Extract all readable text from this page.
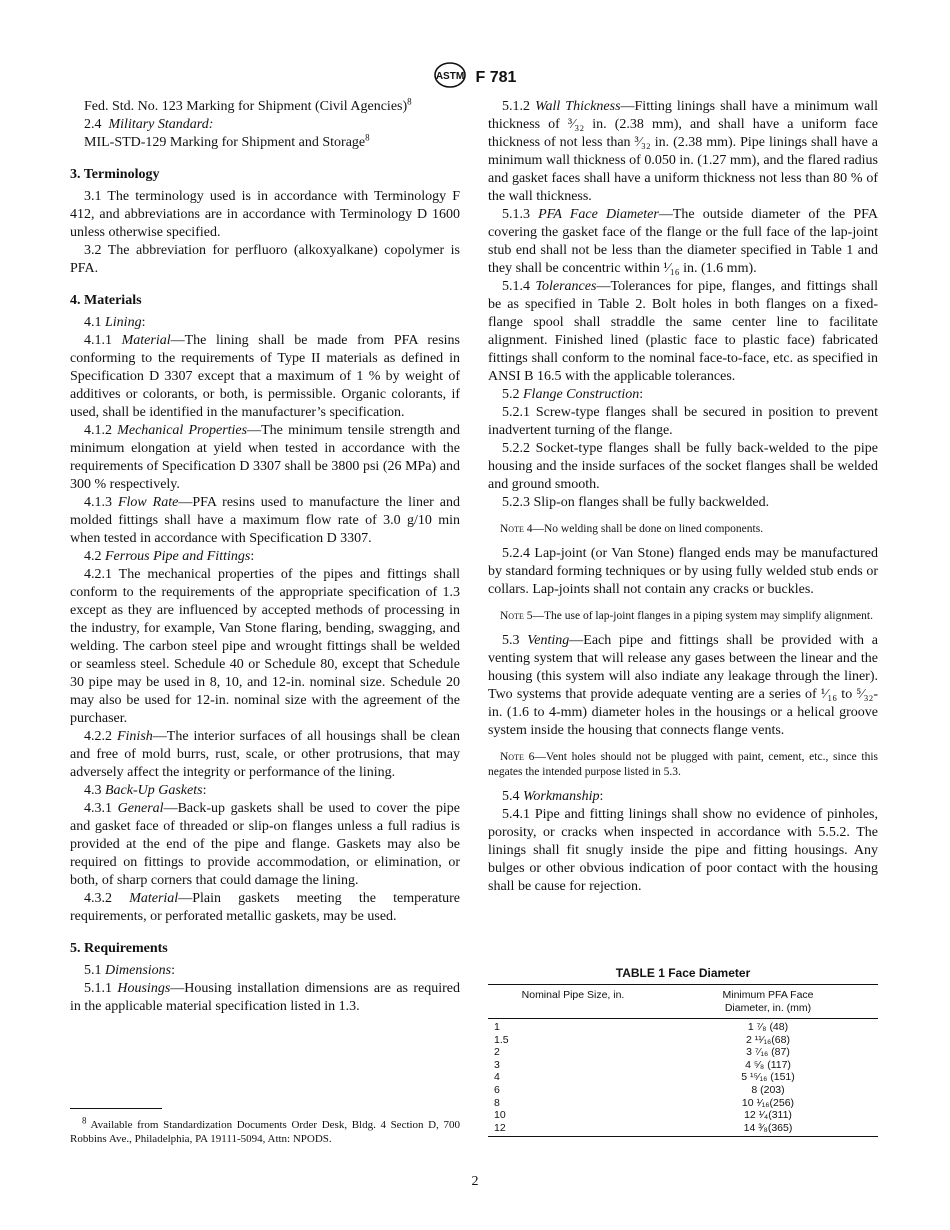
ASTM F 781

Fed. Std. No. 123 Marking for Shipment (Civil Agencies)$^8$

2.4 Military Standard:

MIL-STD-129 Marking for Shipment and Storage$^8$

3. Terminology

3.1 The terminology used is in accordance with Terminology F 412, and abbreviations are in accordance with Terminology D 1600 unless otherwise specified.

3.2 The abbreviation for perfluoro (alkoxyalkane) copolymer is PFA.

4. Materials

4.1 Lining:

4.1.1 Material—The lining shall be made from PFA resins conforming to the requirements of Type II materials as defined in Specification D 3307 except that a maximum of 1 % by weight of additives or colorants, or both, is permissible. Organic colorants, if used, shall be identified in the manufacturer’s specification.

4.1.2 Mechanical Properties—The minimum tensile strength and minimum elongation at yield when tested in accordance with the requirements of Specification D 3307 shall be 3800 psi (26 MPa) and 300 % respectively.

4.1.3 Flow Rate—PFA resins used to manufacture the liner and molded fittings shall have a maximum flow rate of 3.0 g/10 min when tested in accordance with Specification D 3307.

4.2 Ferrous Pipe and Fittings:

4.2.1 The mechanical properties of the pipes and fittings shall conform to the requirements of the appropriate specification of 1.3 except as they are influenced by accepted methods of processing in the industry, for example, Van Stone flaring, bending, swagging, and welding. The carbon steel pipe and wrought fittings shall be welded or seamless steel. Schedule 40 or Schedule 80, except that Schedule 30 pipe may be used in 8, 10, and 12-in. nominal size. Schedule 20 may also be used for 12-in. nominal size with the agreement of the purchaser.

4.2.2 Finish—The interior surfaces of all housings shall be clean and free of mold burrs, rust, scale, or other protrusions, that may adversely affect the integrity or performance of the lining.

4.3 Back-Up Gaskets:

4.3.1 General—Back-up gaskets shall be used to cover the pipe and gasket face of threaded or slip-on flanges unless a full radius is provided at the end of the pipe and flange. Gaskets may also be required on fittings to provide accommodation, or elimination, or both, of sharp corners that could damage the lining.

4.3.2 Material—Plain gaskets meeting the temperature requirements, or perforated metallic gaskets, may be used.

5. Requirements

5.1 Dimensions:

5.1.1 Housings—Housing installation dimensions are as required in the applicable material specification listed in 1.3.

5.1.2 Wall Thickness—Fitting linings shall have a minimum wall thickness of ³⁄₃₂ in. (2.38 mm), and shall have a uniform face thickness of not less than ³⁄₃₂ in. (2.38 mm). Pipe linings shall have a minimum wall thickness of 0.050 in. (1.27 mm), and the flared radius and gasket faces shall have a uniform thickness not less than 80 % of the wall thickness.

5.1.3 PFA Face Diameter—The outside diameter of the PFA covering the gasket face of the flange or the full face of the lap-joint stub end shall not be less than the diameter specified in Table 1 and they shall be concentric within ¹⁄₁₆ in. (1.6 mm).

5.1.4 Tolerances—Tolerances for pipe, flanges, and fittings shall be as specified in Table 2. Bolt holes in both flanges on a fixed-flange spool shall straddle the same center line to facilitate alignment. Finished lined (plastic face to plastic face) fabricated fittings shall conform to the nominal face-to-face, etc. as specified in ANSI B 16.5 with the applicable tolerances.

5.2 Flange Construction:

5.2.1 Screw-type flanges shall be secured in position to prevent inadvertent turning of the flange.

5.2.2 Socket-type flanges shall be fully back-welded to the pipe housing and the inside surfaces of the socket flanges shall be welded and ground smooth.

5.2.3 Slip-on flanges shall be fully backwelded.

Note 4—No welding shall be done on lined components.

5.2.4 Lap-joint (or Van Stone) flanged ends may be manufactured by standard forming techniques or by using fully welded stub ends or collars. Lap-joints shall not contain any cracks or buckles.

Note 5—The use of lap-joint flanges in a piping system may simplify alignment.

5.3 Venting—Each pipe and fittings shall be provided with a venting system that will release any gases between the linear and the housing (this system will also indiate any leakage through the liner). Two systems that provide adequate venting are a series of ¹⁄₁₆ to ⁵⁄₃₂-in. (1.6 to 4-mm) diameter holes in the housings or a helical groove system inside the housing that connects flange vents.

Note 6—Vent holes should not be plugged with paint, cement, etc., since this negates the intended purpose listed in 5.3.

5.4 Workmanship:

5.4.1 Pipe and fitting linings shall show no evidence of pinholes, porosity, or cracks when inspected in accordance with 5.5.2. The linings shall fit snugly inside the pipe and fitting housings. Any bulges or other obvious indication of poor contact with the housing shall be cause for rejection.

TABLE 1 Face Diameter
Nominal Pipe Size, in.	Minimum PFA Face
Diameter, in. (mm)
1	1 ⁷⁄₈ (48)
1.5	2 ¹¹⁄₁₆(68)
2	3 ⁷⁄₁₆ (87)
3	4 ⁵⁄₈ (117)
4	5 ¹⁵⁄₁₆ (151)
6	8 (203)
8	10 ¹⁄₁₆(256)
10	12 ¹⁄₄(311)
12	14 ³⁄₈(365)
$^8$ Available from Standardization Documents Order Desk, Bldg. 4 Section D, 700 Robbins Ave., Philadelphia, PA 19111-5094, Attn: NPODS.
2
